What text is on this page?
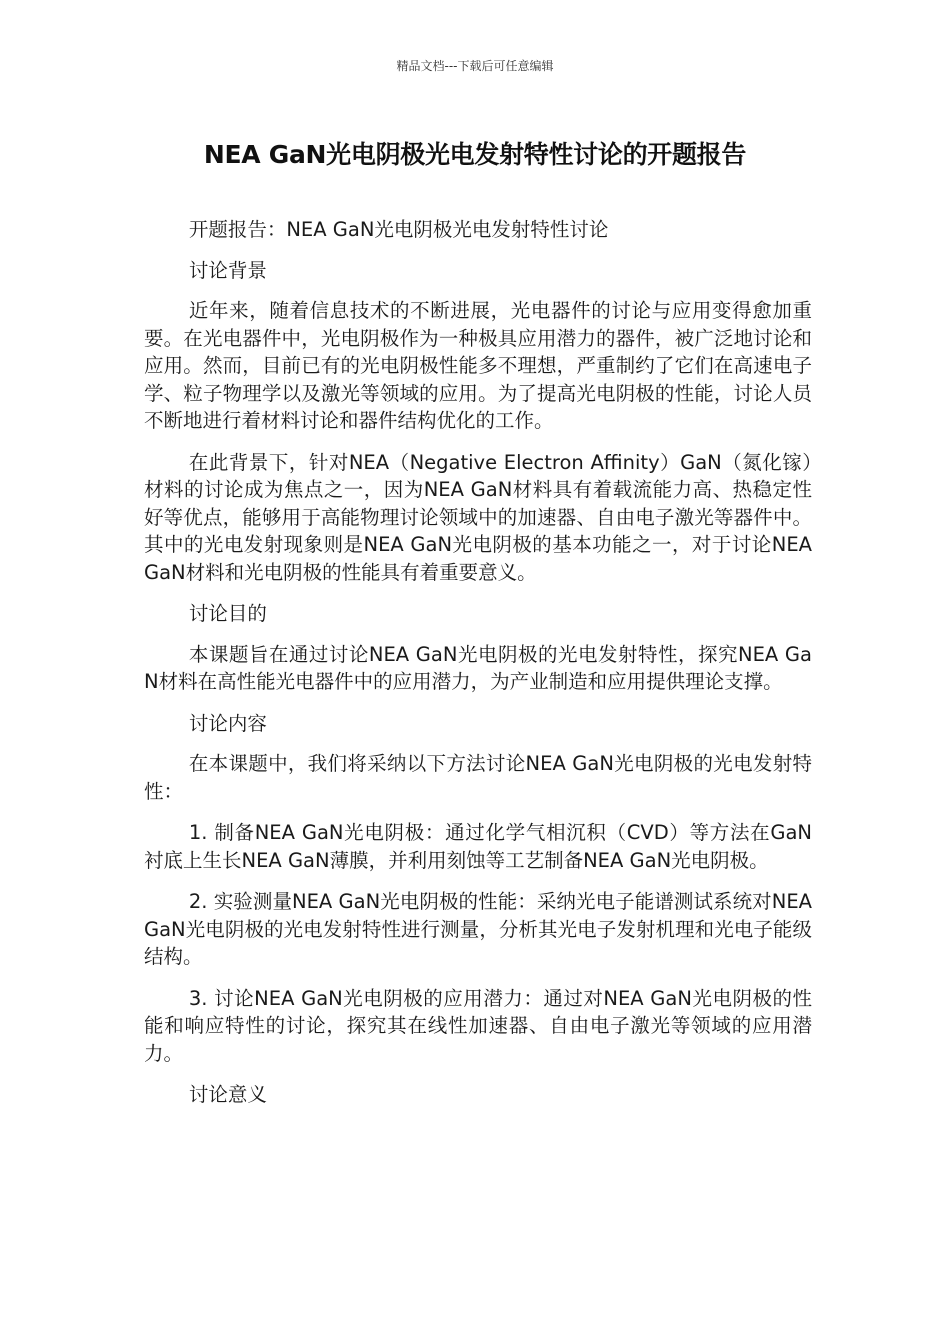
精品文档---下载后可任意编辑
NEA GaN光电阴极光电发射特性讨论的开题报告

开题报告：NEA GaN光电阴极光电发射特性讨论

讨论背景

近年来，随着信息技术的不断进展，光电器件的讨论与应用变得愈加重要。在光电器件中，光电阴极作为一种极具应用潜力的器件，被广泛地讨论和应用。然而，目前已有的光电阴极性能多不理想，严重制约了它们在高速电子学、粒子物理学以及激光等领域的应用。为了提高光电阴极的性能，讨论人员不断地进行着材料讨论和器件结构优化的工作。

在此背景下，针对NEA（Negative Electron Affinity）GaN（氮化镓）材料的讨论成为焦点之一，因为NEA GaN材料具有着载流能力高、热稳定性好等优点，能够用于高能物理讨论领域中的加速器、自由电子激光等器件中。其中的光电发射现象则是NEA GaN光电阴极的基本功能之一，对于讨论NEA GaN材料和光电阴极的性能具有着重要意义。

讨论目的

本课题旨在通过讨论NEA GaN光电阴极的光电发射特性，探究NEA GaN材料在高性能光电器件中的应用潜力，为产业制造和应用提供理论支撑。

讨论内容

在本课题中，我们将采纳以下方法讨论NEA GaN光电阴极的光电发射特性：

1. 制备NEA GaN光电阴极：通过化学气相沉积（CVD）等方法在GaN衬底上生长NEA GaN薄膜，并利用刻蚀等工艺制备NEA GaN光电阴极。

2. 实验测量NEA GaN光电阴极的性能：采纳光电子能谱测试系统对NEA GaN光电阴极的光电发射特性进行测量，分析其光电子发射机理和光电子能级结构。

3. 讨论NEA GaN光电阴极的应用潜力：通过对NEA GaN光电阴极的性能和响应特性的讨论，探究其在线性加速器、自由电子激光等领域的应用潜力。

讨论意义
